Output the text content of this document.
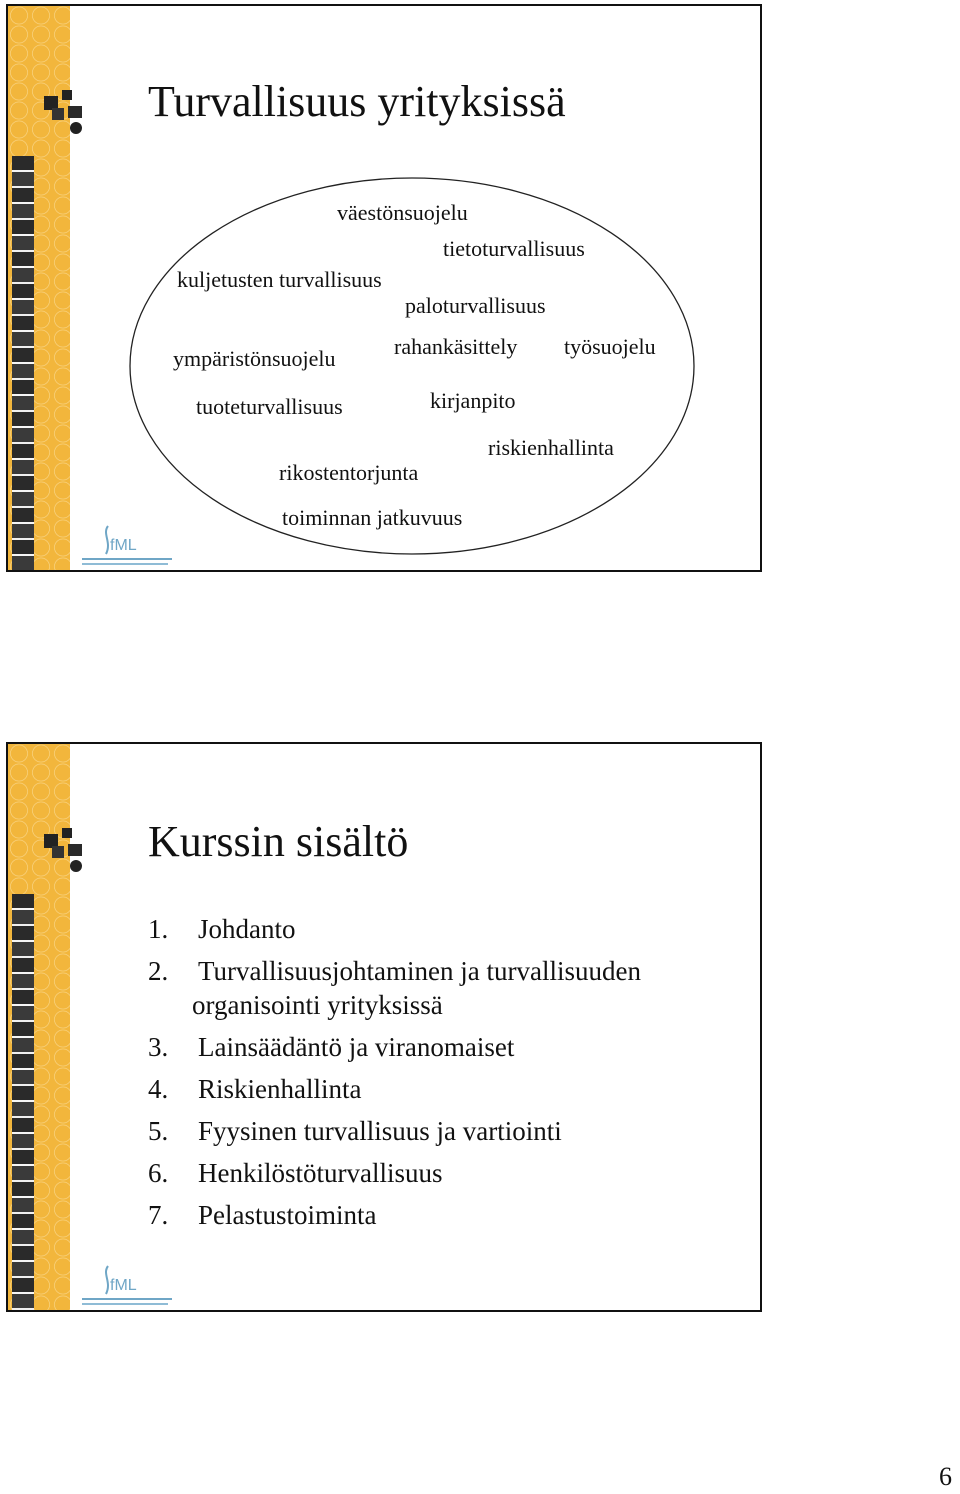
fML
Turvallisuus yrityksissä
väestönsuojelu
tietoturvallisuus
kuljetusten turvallisuus
paloturvallisuus
ympäristönsuojelu	rahankäsittely työsuojelu
tuoteturvallisuus	kirjanpito
riskienhallinta
rikostentorjunta
toiminnan jatkuvuus
fML
Kurssin sisältö
1. Johdanto
2. Turvallisuusjohtaminen ja turvallisuuden
organisointi yrityksissä
3. Lainsäädäntö ja viranomaiset
4. Riskienhallinta
5. Fyysinen turvallisuus ja vartiointi
6. Henkilöstöturvallisuus
7. Pelastustoiminta
6
